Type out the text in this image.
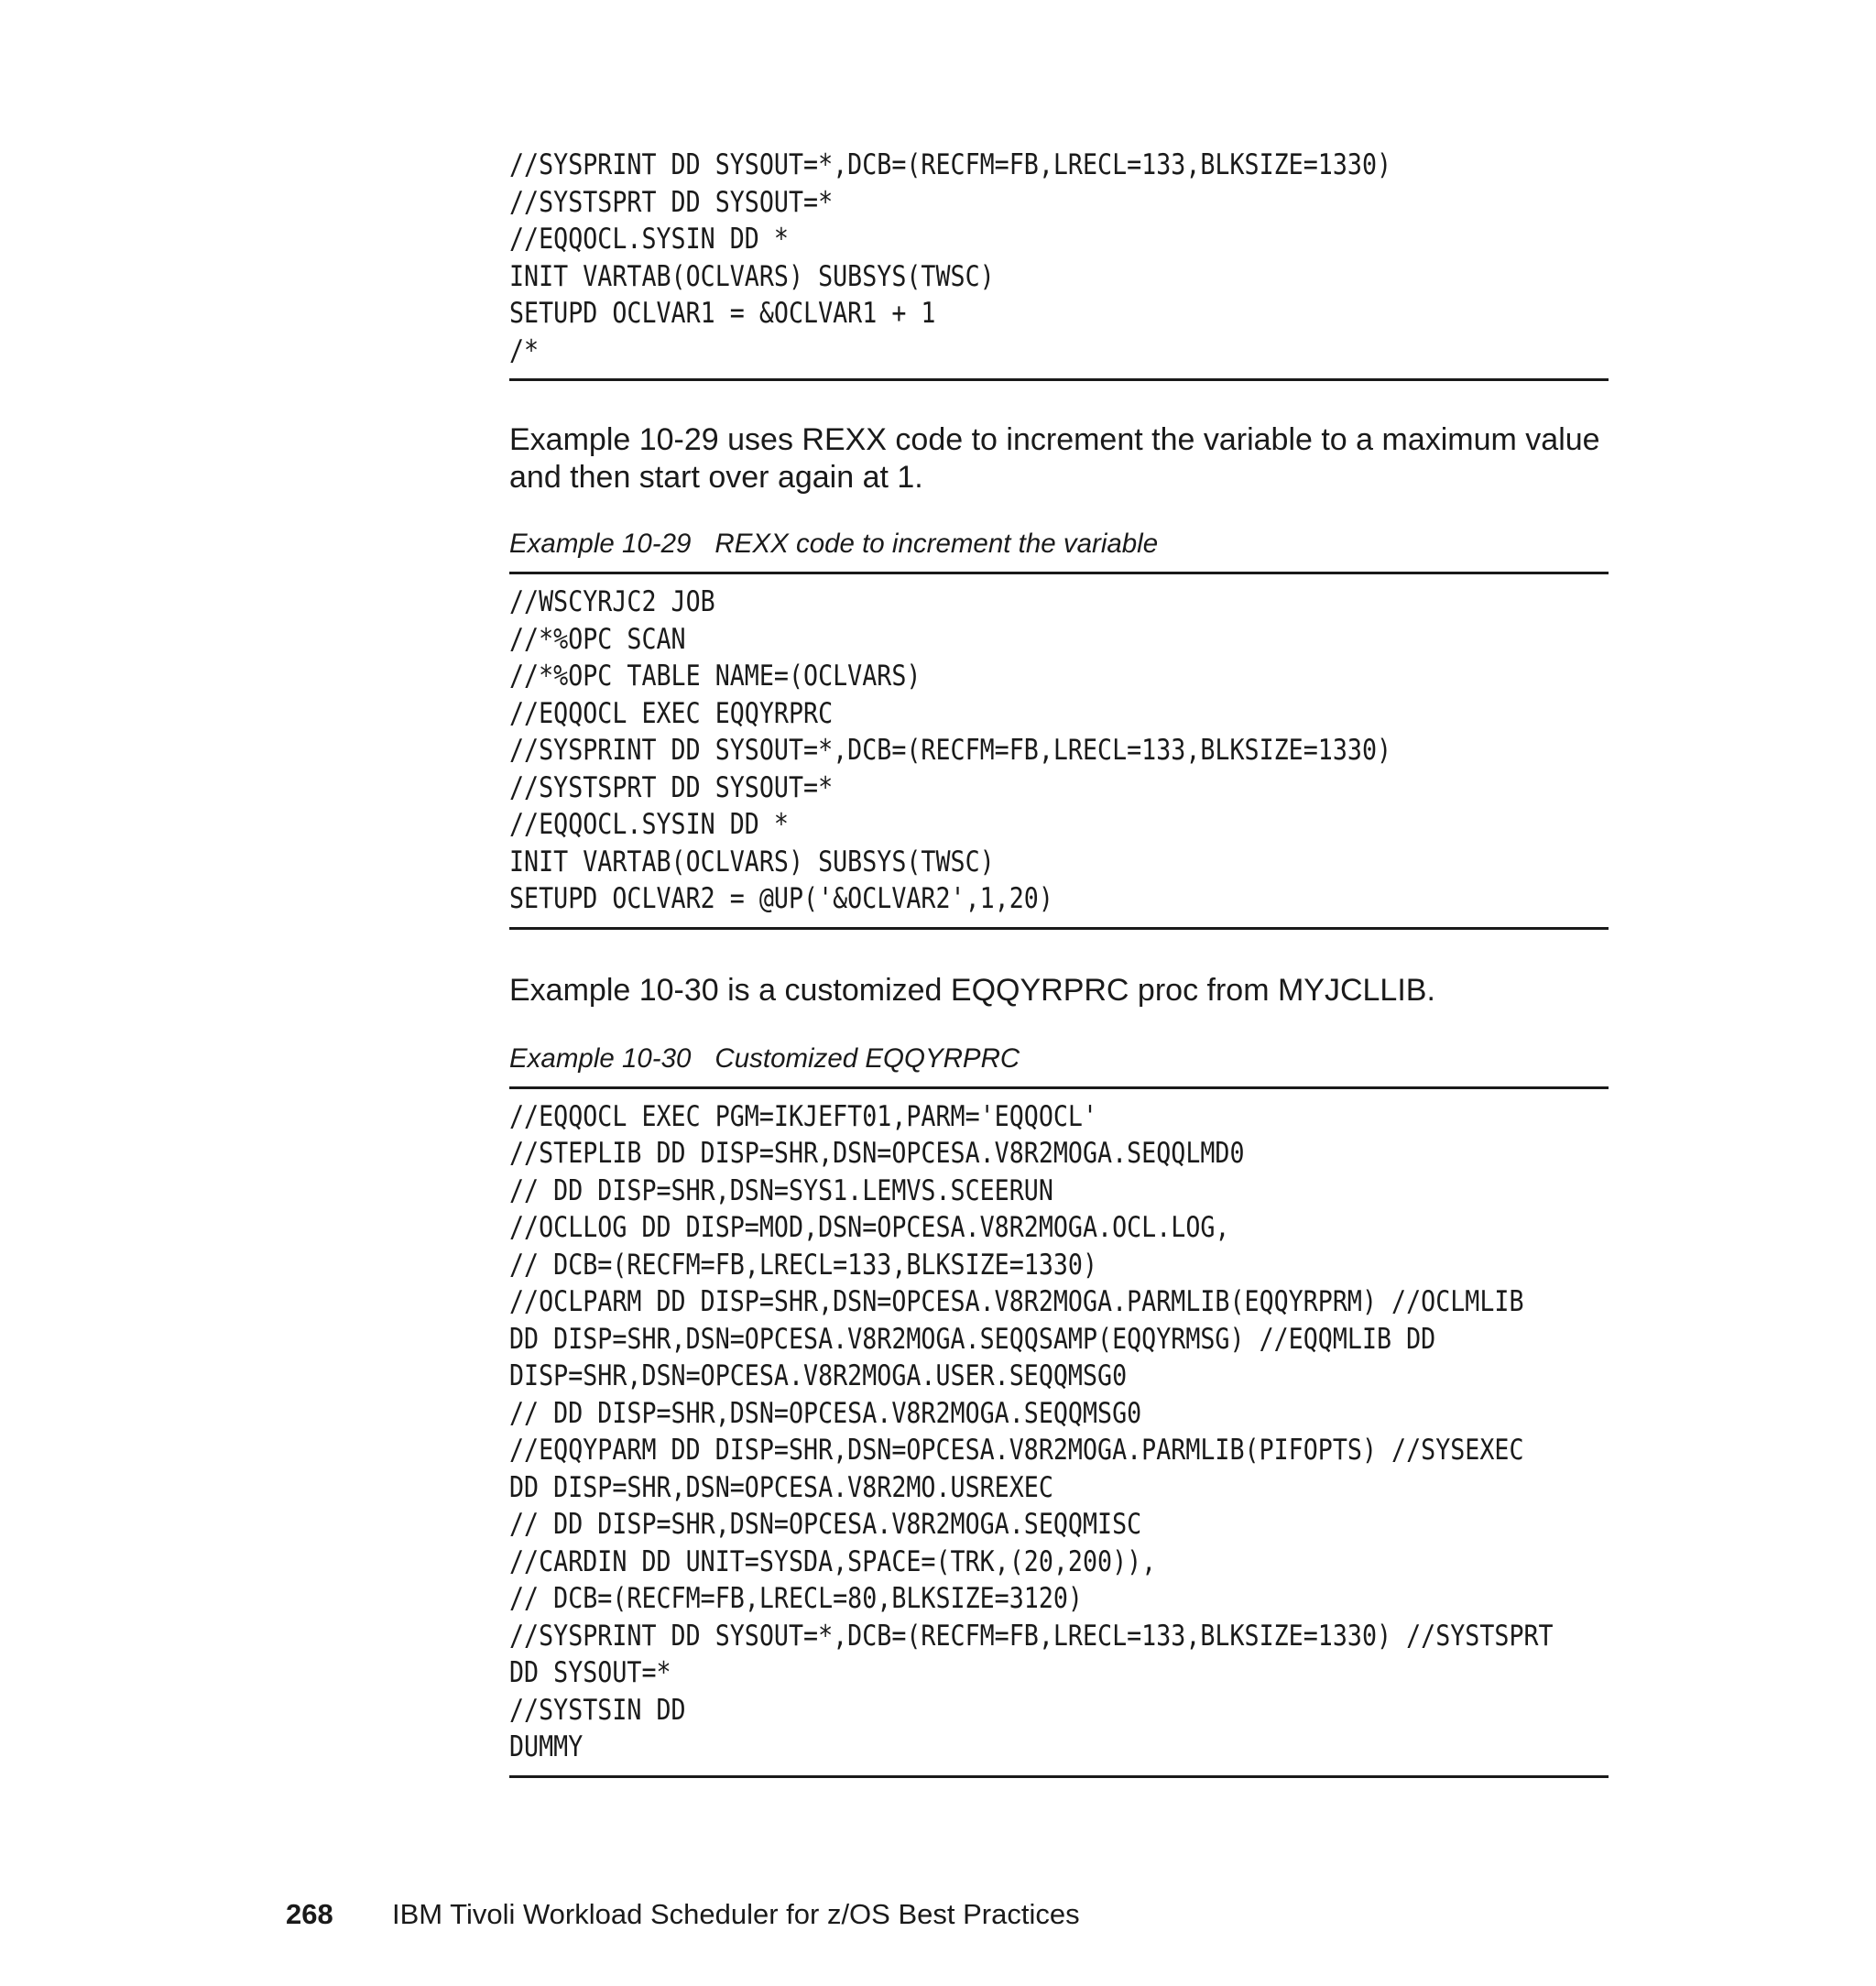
//SYSPRINT DD SYSOUT=*,DCB=(RECFM=FB,LRECL=133,BLKSIZE=1330)
//SYSTSPRT DD SYSOUT=*
//EQQOCL.SYSIN DD *
INIT VARTAB(OCLVARS) SUBSYS(TWSC)
SETUPD OCLVAR1 = &OCLVAR1 + 1
/*

Example 10-29 uses REXX code to increment the variable to a maximum value
and then start over again at 1.

Example 10-29 REXX code to increment the variable

//WSCYRJC2 JOB
//*%OPC SCAN
//*%OPC TABLE NAME=(OCLVARS)
//EQQOCL EXEC EQQYRPRC
//SYSPRINT DD SYSOUT=*,DCB=(RECFM=FB,LRECL=133,BLKSIZE=1330)
//SYSTSPRT DD SYSOUT=*
//EQQOCL.SYSIN DD *
INIT VARTAB(OCLVARS) SUBSYS(TWSC)
SETUPD OCLVAR2 = @UP('&OCLVAR2',1,20)

Example 10-30 is a customized EQQYRPRC proc from MYJCLLIB.

Example 10-30 Customized EQQYRPRC

//EQQOCL EXEC PGM=IKJEFT01,PARM='EQQOCL'
//STEPLIB DD DISP=SHR,DSN=OPCESA.V8R2MOGA.SEQQLMD0
// DD DISP=SHR,DSN=SYS1.LEMVS.SCEERUN
//OCLLOG DD DISP=MOD,DSN=OPCESA.V8R2MOGA.OCL.LOG,
// DCB=(RECFM=FB,LRECL=133,BLKSIZE=1330)
//OCLPARM DD DISP=SHR,DSN=OPCESA.V8R2MOGA.PARMLIB(EQQYRPRM) //OCLMLIB
DD DISP=SHR,DSN=OPCESA.V8R2MOGA.SEQQSAMP(EQQYRMSG) //EQQMLIB DD
DISP=SHR,DSN=OPCESA.V8R2MOGA.USER.SEQQMSG0
// DD DISP=SHR,DSN=OPCESA.V8R2MOGA.SEQQMSG0
//EQQYPARM DD DISP=SHR,DSN=OPCESA.V8R2MOGA.PARMLIB(PIFOPTS) //SYSEXEC
DD DISP=SHR,DSN=OPCESA.V8R2MO.USREXEC
// DD DISP=SHR,DSN=OPCESA.V8R2MOGA.SEQQMISC
//CARDIN DD UNIT=SYSDA,SPACE=(TRK,(20,200)),
// DCB=(RECFM=FB,LRECL=80,BLKSIZE=3120)
//SYSPRINT DD SYSOUT=*,DCB=(RECFM=FB,LRECL=133,BLKSIZE=1330) //SYSTSPRT
DD SYSOUT=*
//SYSTSIN DD
DUMMY
268 IBM Tivoli Workload Scheduler for z/OS Best Practices
